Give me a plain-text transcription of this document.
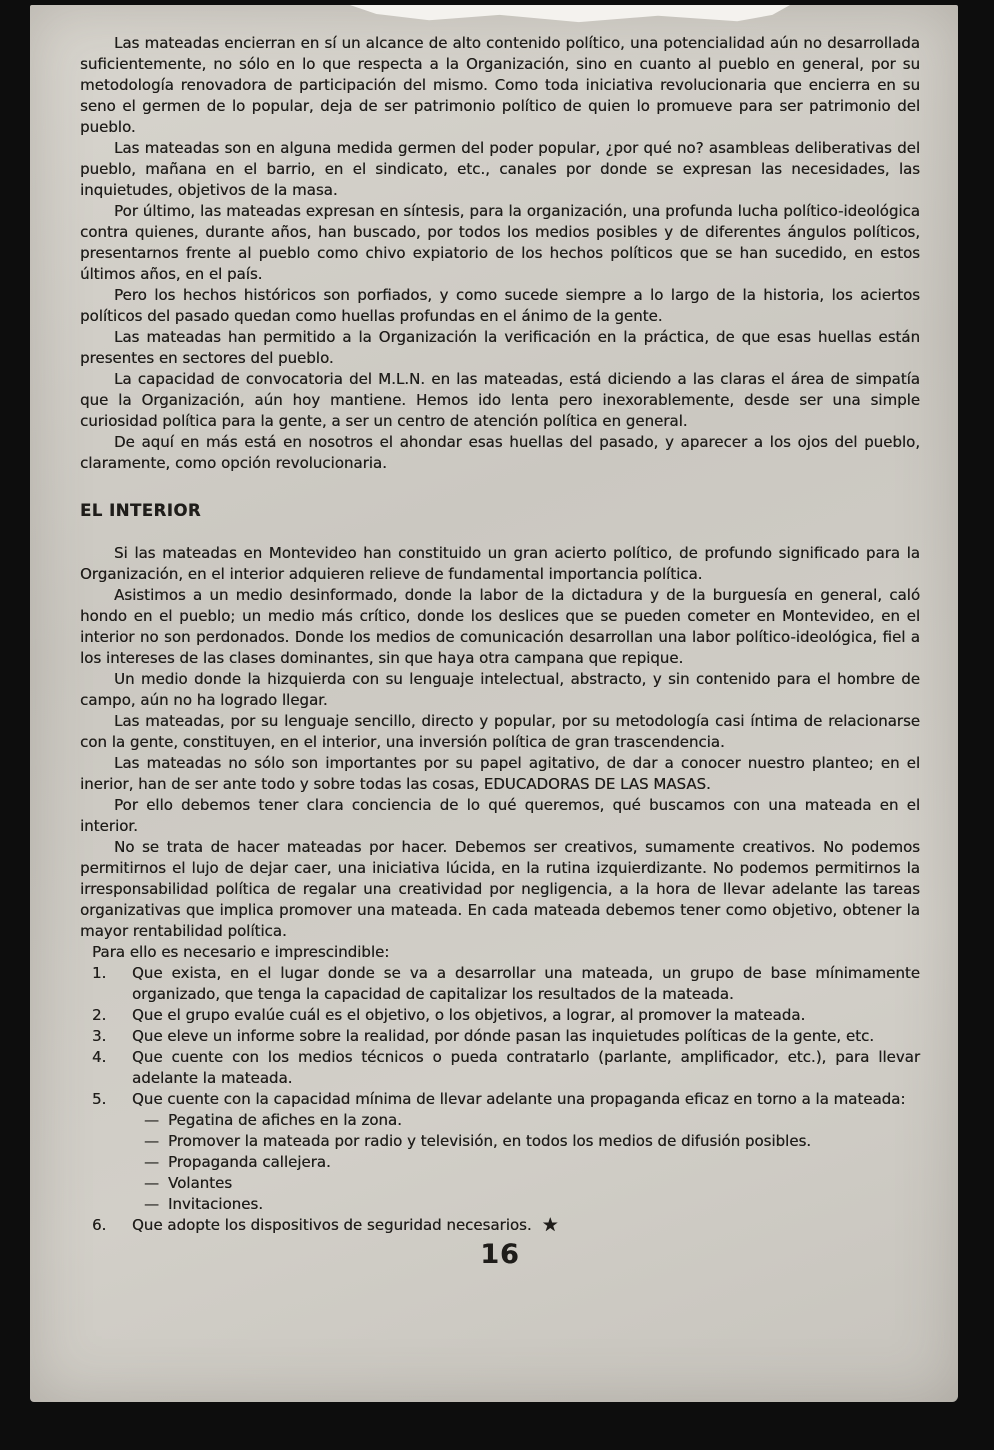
Las mateadas encierran en sí un alcance de alto contenido político, una potencialidad aún no desarrollada suficientemente, no sólo en lo que respecta a la Organización, sino en cuanto al pueblo en general, por su metodología renovadora de participación del mismo. Como toda iniciativa revolucionaria que encierra en su seno el germen de lo popular, deja de ser patrimonio político de quien lo promueve para ser patrimonio del pueblo.

Las mateadas son en alguna medida germen del poder popular, ¿por qué no? asambleas deliberativas del pueblo, mañana en el barrio, en el sindicato, etc., canales por donde se expresan las necesidades, las inquietudes, objetivos de la masa.

Por último, las mateadas expresan en síntesis, para la organización, una profunda lucha político-ideológica contra quienes, durante años, han buscado, por todos los medios posibles y de diferentes ángulos políticos, presentarnos frente al pueblo como chivo expiatorio de los hechos políticos que se han sucedido, en estos últimos años, en el país.

Pero los hechos históricos son porfiados, y como sucede siempre a lo largo de la historia, los aciertos políticos del pasado quedan como huellas profundas en el ánimo de la gente.

Las mateadas han permitido a la Organización la verificación en la práctica, de que esas huellas están presentes en sectores del pueblo.

La capacidad de convocatoria del M.L.N. en las mateadas, está diciendo a las claras el área de simpatía que la Organización, aún hoy mantiene. Hemos ido lenta pero inexorablemente, desde ser una simple curiosidad política para la gente, a ser un centro de atención política en general.

De aquí en más está en nosotros el ahondar esas huellas del pasado, y aparecer a los ojos del pueblo, claramente, como opción revolucionaria.

EL INTERIOR

Si las mateadas en Montevideo han constituido un gran acierto político, de profundo significado para la Organización, en el interior adquieren relieve de fundamental importancia política.

Asistimos a un medio desinformado, donde la labor de la dictadura y de la burguesía en general, caló hondo en el pueblo; un medio más crítico, donde los deslices que se pueden cometer en Montevideo, en el interior no son perdonados. Donde los medios de comunicación desarrollan una labor político-ideológica, fiel a los intereses de las clases dominantes, sin que haya otra campana que repique.

Un medio donde la hizquierda con su lenguaje intelectual, abstracto, y sin contenido para el hombre de campo, aún no ha logrado llegar.

Las mateadas, por su lenguaje sencillo, directo y popular, por su metodología casi íntima de relacionarse con la gente, constituyen, en el interior, una inversión política de gran trascendencia.

Las mateadas no sólo son importantes por su papel agitativo, de dar a conocer nuestro planteo; en el inerior, han de ser ante todo y sobre todas las cosas, EDUCADORAS DE LAS MASAS.

Por ello debemos tener clara conciencia de lo qué queremos, qué buscamos con una mateada en el interior.

No se trata de hacer mateadas por hacer. Debemos ser creativos, sumamente creativos. No podemos permitirnos el lujo de dejar caer, una iniciativa lúcida, en la rutina izquierdizante. No podemos permitirnos la irresponsabilidad política de regalar una creatividad por negligencia, a la hora de llevar adelante las tareas organizativas que implica promover una mateada. En cada mateada debemos tener como objetivo, obtener la mayor rentabilidad política.

Para ello es necesario e imprescindible:

1.	Que exista, en el lugar donde se va a desarrollar una mateada, un grupo de base mínimamente organizado, que tenga la capacidad de capitalizar los resultados de la mateada.
2.	Que el grupo evalúe cuál es el objetivo, o los objetivos, a lograr, al promover la mateada.
3.	Que eleve un informe sobre la realidad, por dónde pasan las inquietudes políticas de la gente, etc.
4.	Que cuente con los medios técnicos o pueda contratarlo (parlante, amplificador, etc.), para llevar adelante la mateada.
5.	Que cuente con la capacidad mínima de llevar adelante una propaganda eficaz en torno a la mateada:
— Pegatina de afiches en la zona.
— Promover la mateada por radio y televisión, en todos los medios de difusión posibles.
— Propaganda callejera.
— Volantes
— Invitaciones.
6.	Que adopte los dispositivos de seguridad necesarios. ★
16
